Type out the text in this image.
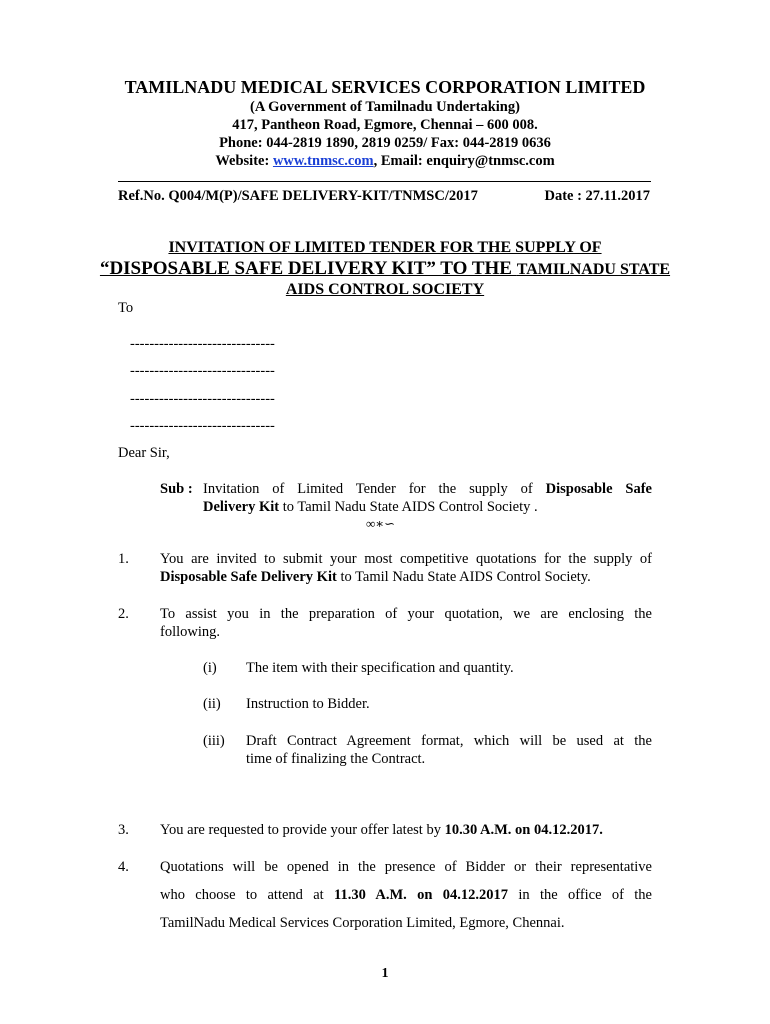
TAMILNADU MEDICAL SERVICES CORPORATION LIMITED
(A Government of Tamilnadu Undertaking)
417, Pantheon Road, Egmore, Chennai – 600 008.
Phone: 044-2819 1890, 2819 0259/ Fax: 044-2819 0636
Website: www.tnmsc.com, Email: enquiry@tnmsc.com
Ref.No. Q004/M(P)/SAFE DELIVERY-KIT/TNMSC/2017	Date : 27.11.2017
INVITATION OF LIMITED TENDER FOR THE SUPPLY OF
“DISPOSABLE SAFE DELIVERY KIT” TO THE TAMILNADU STATE
AIDS CONTROL SOCIETY
To
------------------------------
------------------------------
------------------------------
------------------------------
Dear Sir,
Sub : Invitation of Limited Tender for the supply of Disposable Safe
Delivery Kit to Tamil Nadu State AIDS Control Society .
∞∗∽
1. You are invited to submit your most competitive quotations for the supply of
Disposable Safe Delivery Kit to Tamil Nadu State AIDS Control Society.
2. To assist you in the preparation of your quotation, we are enclosing the
following.
(i) The item with their specification and quantity.
(ii) Instruction to Bidder.
(iii) Draft Contract Agreement format, which will be used at the
time of finalizing the Contract.
3. You are requested to provide your offer latest by 10.30 A.M. on 04.12.2017.
4. Quotations will be opened in the presence of Bidder or their representative
who choose to attend at 11.30 A.M. on 04.12.2017 in the office of the
TamilNadu Medical Services Corporation Limited, Egmore, Chennai.
1
